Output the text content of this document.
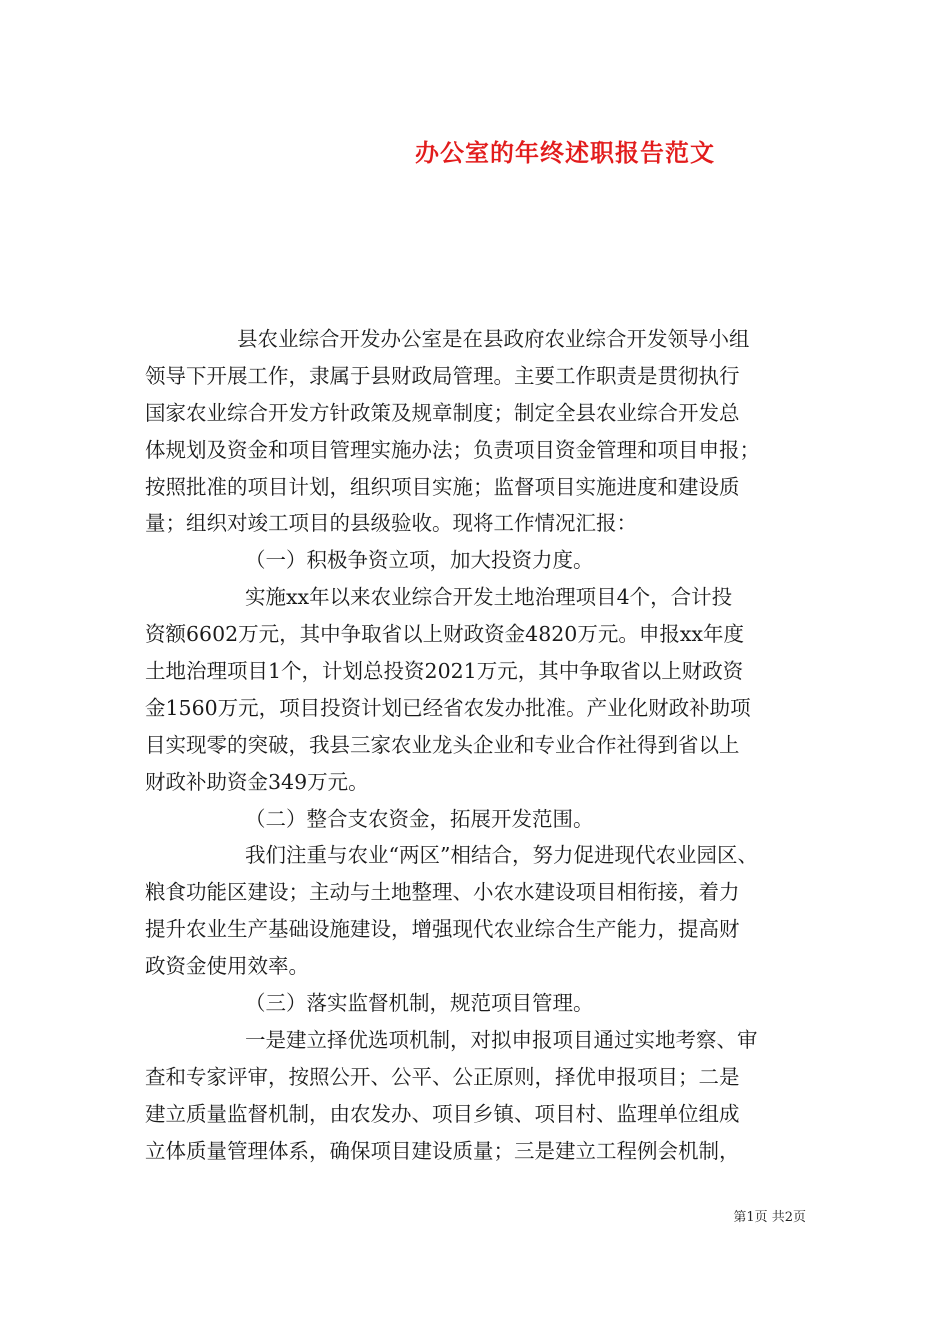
办公室的年终述职报告范文
县农业综合开发办公室是在县政府农业综合开发领导小组
领导下开展工作，隶属于县财政局管理。主要工作职责是贯彻执行
国家农业综合开发方针政策及规章制度；制定全县农业综合开发总
体规划及资金和项目管理实施办法；负责项目资金管理和项目申报；
按照批准的项目计划，组织项目实施；监督项目实施进度和建设质
量；组织对竣工项目的县级验收。现将工作情况汇报：
（一）积极争资立项，加大投资力度。
实施xx年以来农业综合开发土地治理项目4个，合计投
资额6602万元，其中争取省以上财政资金4820万元。申报xx年度
土地治理项目1个，计划总投资2021万元，其中争取省以上财政资
金1560万元，项目投资计划已经省农发办批准。产业化财政补助项
目实现零的突破，我县三家农业龙头企业和专业合作社得到省以上
财政补助资金349万元。
（二）整合支农资金，拓展开发范围。
我们注重与农业“两区”相结合，努力促进现代农业园区、
粮食功能区建设；主动与土地整理、小农水建设项目相衔接，着力
提升农业生产基础设施建设，增强现代农业综合生产能力，提高财
政资金使用效率。
（三）落实监督机制，规范项目管理。
一是建立择优选项机制，对拟申报项目通过实地考察、审
查和专家评审，按照公开、公平、公正原则，择优申报项目；二是
建立质量监督机制，由农发办、项目乡镇、项目村、监理单位组成
立体质量管理体系，确保项目建设质量；三是建立工程例会机制，
第1页 共2页
